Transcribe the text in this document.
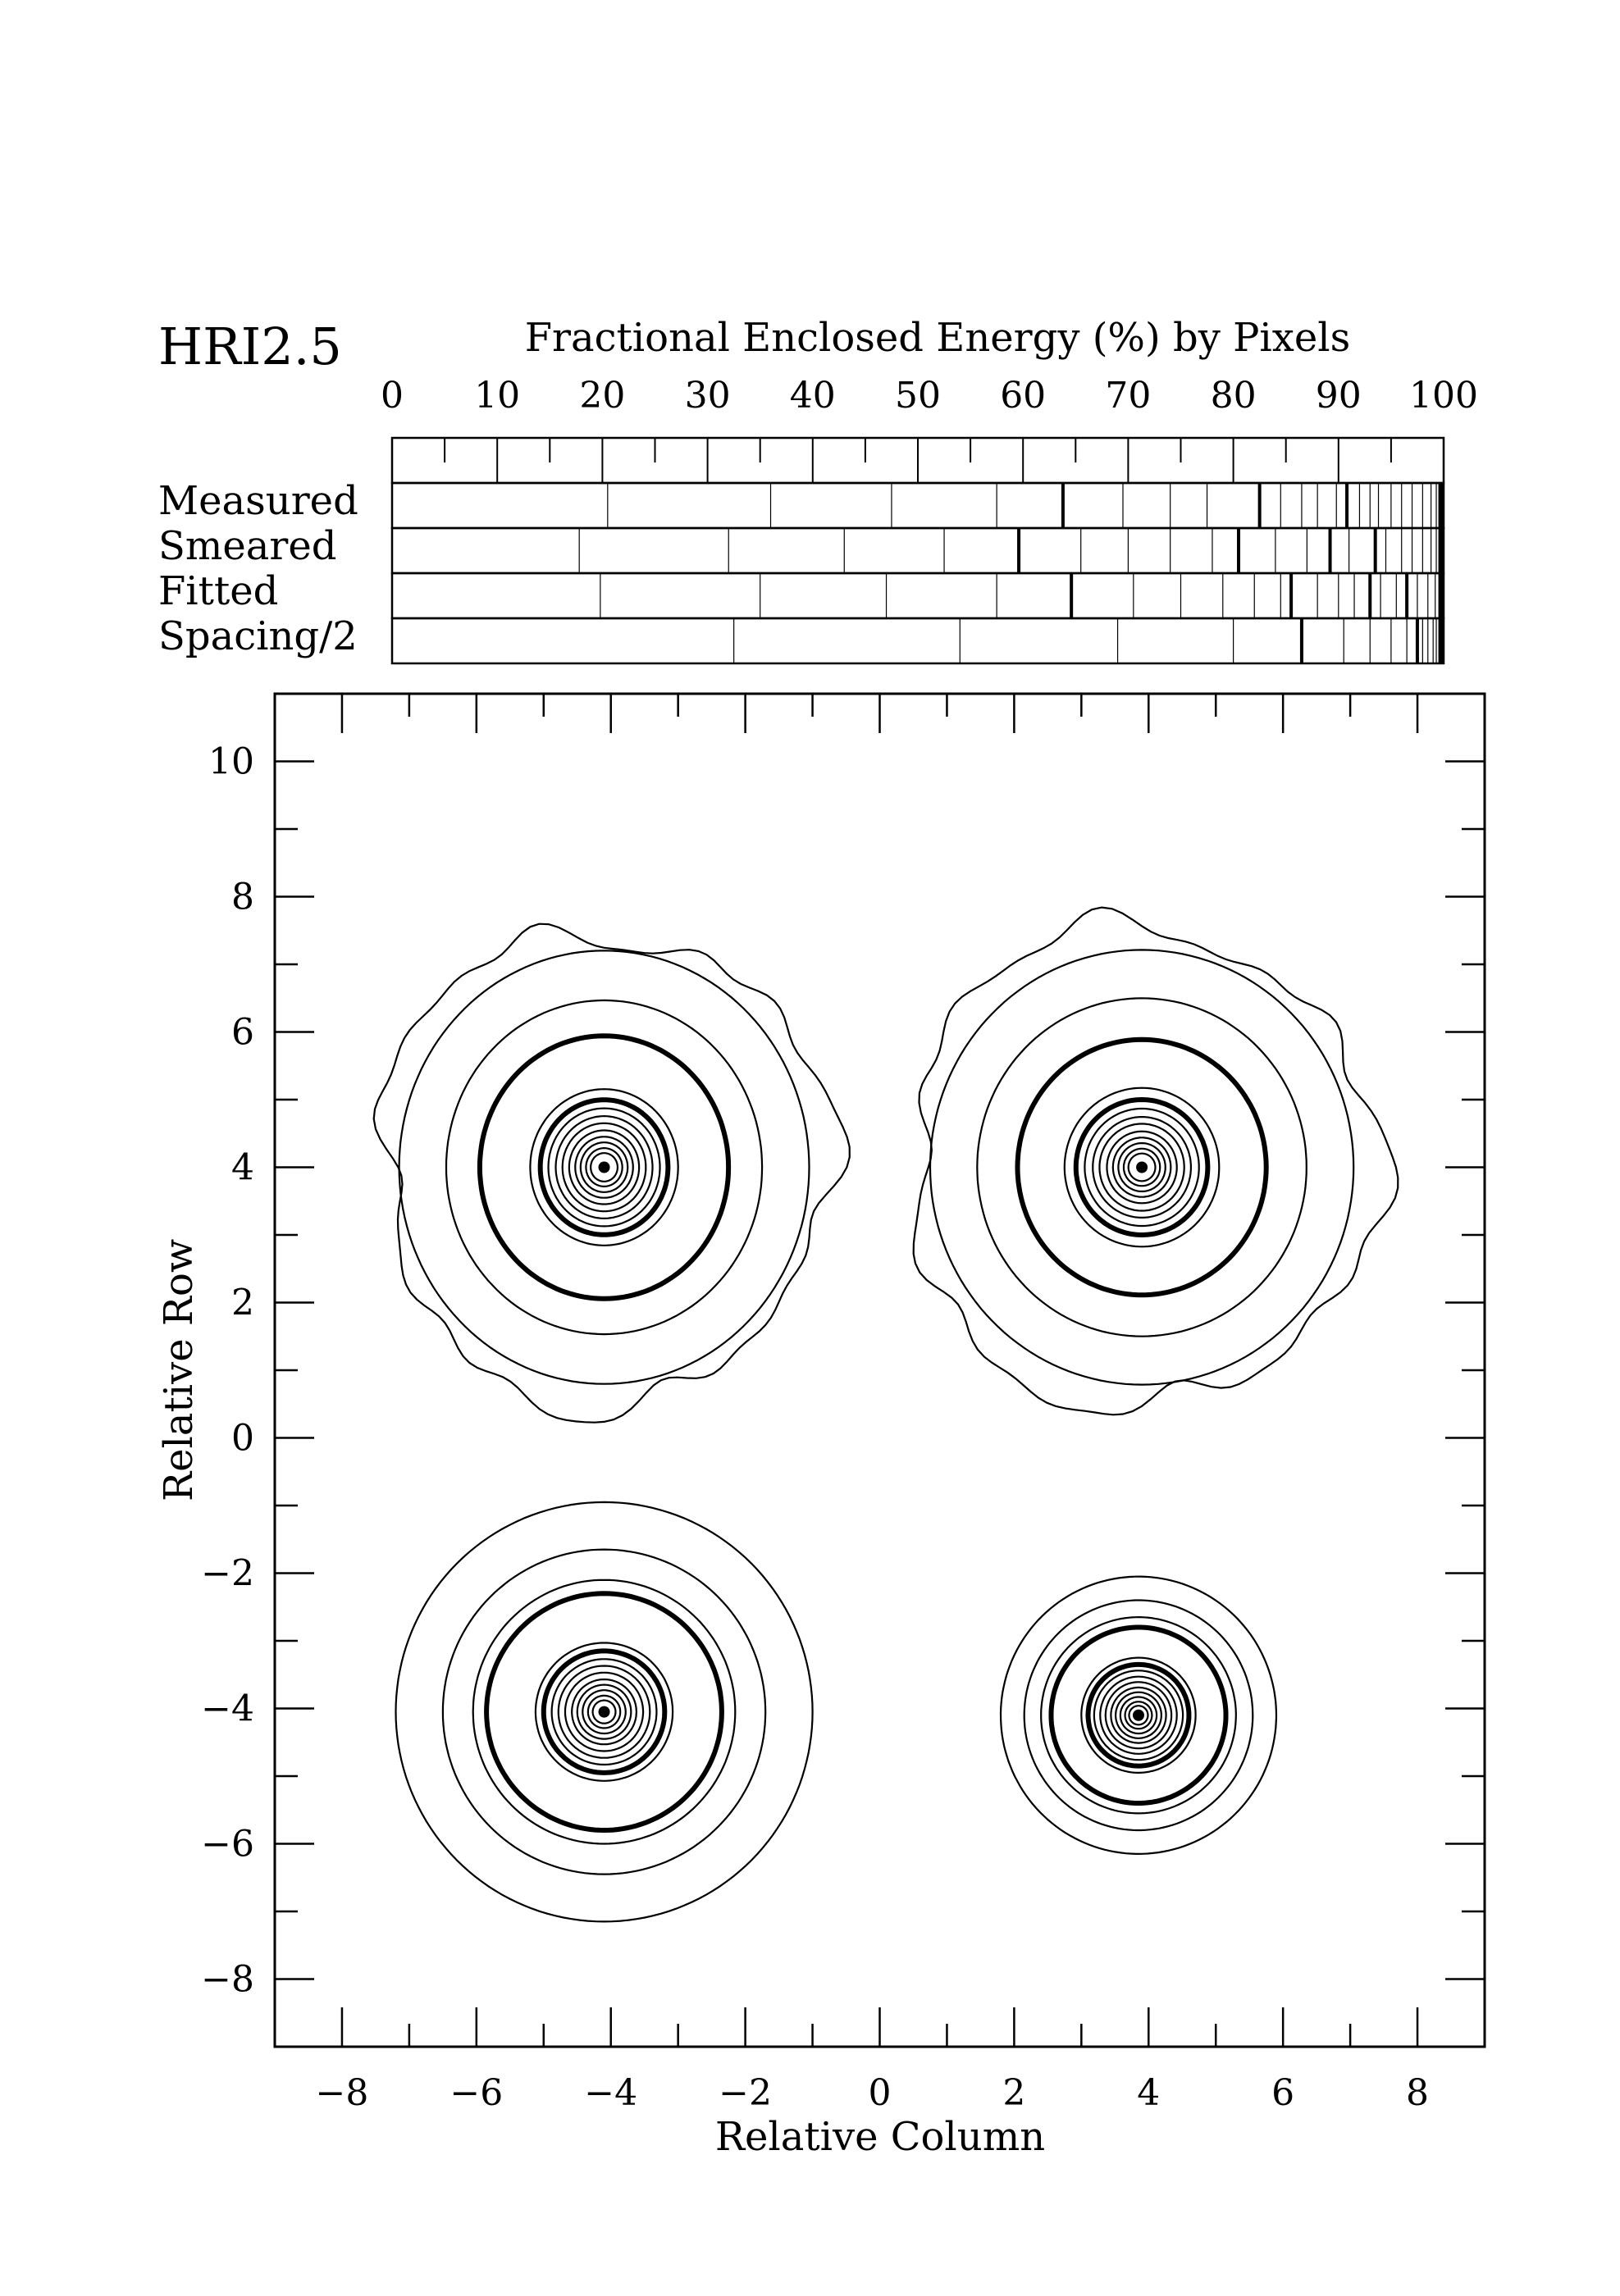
HRI2.5	Fractional Enclosed Energy (%) by Pixels
0 10 20 30 40 50 60 70 80 90 100
Measured
Smeared
Fitted
Spacing/2
−8 −6 −4 −2	0	2	4	6	8
−8
−6
−4
−2
0
2
4
6
8
10
Relative Column
Relative Row
